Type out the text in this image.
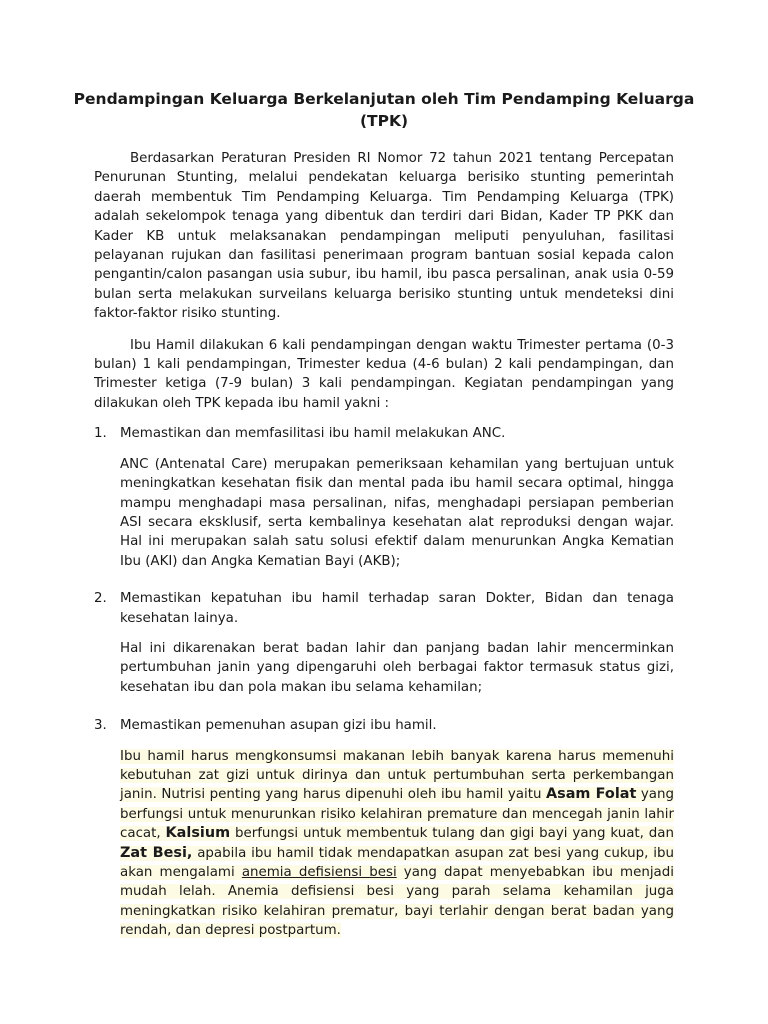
Pendampingan Keluarga Berkelanjutan oleh Tim Pendamping Keluarga (TPK)

Berdasarkan Peraturan Presiden RI Nomor 72 tahun 2021 tentang Percepatan Penurunan Stunting, melalui pendekatan keluarga berisiko stunting pemerintah daerah membentuk Tim Pendamping Keluarga. Tim Pendamping Keluarga (TPK) adalah sekelompok tenaga yang dibentuk dan terdiri dari Bidan, Kader TP PKK dan Kader KB untuk melaksanakan pendampingan meliputi penyuluhan, fasilitasi pelayanan rujukan dan fasilitasi penerimaan program bantuan sosial kepada calon pengantin/calon pasangan usia subur, ibu hamil, ibu pasca persalinan, anak usia 0-59 bulan serta melakukan surveilans keluarga berisiko stunting untuk mendeteksi dini faktor-faktor risiko stunting.

Ibu Hamil dilakukan 6 kali pendampingan dengan waktu Trimester pertama (0-3 bulan) 1 kali pendampingan, Trimester kedua (4-6 bulan) 2 kali pendampingan, dan Trimester ketiga (7-9 bulan) 3 kali pendampingan. Kegiatan pendampingan yang dilakukan oleh TPK kepada ibu hamil yakni :

1. Memastikan dan memfasilitasi ibu hamil melakukan ANC.

ANC (Antenatal Care) merupakan pemeriksaan kehamilan yang bertujuan untuk meningkatkan kesehatan fisik dan mental pada ibu hamil secara optimal, hingga mampu menghadapi masa persalinan, nifas, menghadapi persiapan pemberian ASI secara eksklusif, serta kembalinya kesehatan alat reproduksi dengan wajar. Hal ini merupakan salah satu solusi efektif dalam menurunkan Angka Kematian Ibu (AKI) dan Angka Kematian Bayi (AKB);

2. Memastikan kepatuhan ibu hamil terhadap saran Dokter, Bidan dan tenaga kesehatan lainya.

Hal ini dikarenakan berat badan lahir dan panjang badan lahir mencerminkan pertumbuhan janin yang dipengaruhi oleh berbagai faktor termasuk status gizi, kesehatan ibu dan pola makan ibu selama kehamilan;

3. Memastikan pemenuhan asupan gizi ibu hamil.

Ibu hamil harus mengkonsumsi makanan lebih banyak karena harus memenuhi kebutuhan zat gizi untuk dirinya dan untuk pertumbuhan serta perkembangan janin. Nutrisi penting yang harus dipenuhi oleh ibu hamil yaitu Asam Folat yang berfungsi untuk menurunkan risiko kelahiran premature dan mencegah janin lahir cacat, Kalsium berfungsi untuk membentuk tulang dan gigi bayi yang kuat, dan Zat Besi, apabila ibu hamil tidak mendapatkan asupan zat besi yang cukup, ibu akan mengalami anemia defisiensi besi yang dapat menyebabkan ibu menjadi mudah lelah. Anemia defisiensi besi yang parah selama kehamilan juga meningkatkan risiko kelahiran prematur, bayi terlahir dengan berat badan yang rendah, dan depresi postpartum.
